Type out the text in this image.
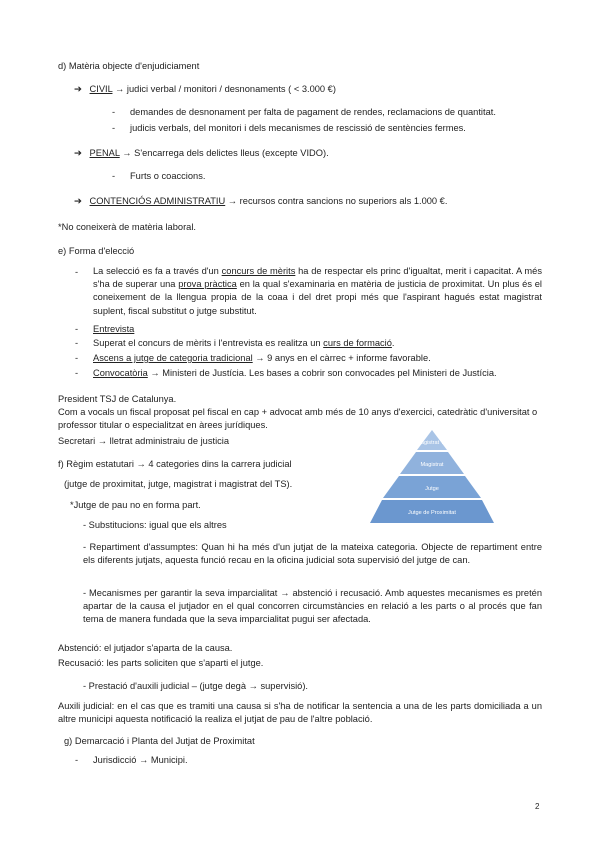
d) Matèria objecte d'enjudiciament
➔ CIVIL → judici verbal / monitori / desnonaments ( < 3.000 €)
- demandes de desnonament per falta de pagament de rendes, reclamacions de quantitat.
- judicis verbals, del monitori i dels mecanismes de rescissió de sentències fermes.
➔ PENAL → S'encarrega dels delictes lleus (excepte VIDO).
- Furts o coaccions.
➔ CONTENCIÓS ADMINISTRATIU → recursos contra sancions no superiors als 1.000 €.
*No coneixerà de matèria laboral.
e) Forma d'elecció
- La selecció es fa a través d'un concurs de mèrits ha de respectar els princ d'igualtat, merit i capacitat. A més s'ha de superar una prova pràctica en la qual s'examinaria en matèria de justicia de proximitat. Un plus és el coneixement de la llengua propia de la coaa i del dret propi més que l'aspirant hagués estat magistrat suplent, fiscal substitut o jutge substitut.
- Entrevista
- Superat el concurs de mèrits i l'entrevista es realitza un curs de formació.
- Ascens a jutge de categoria tradicional → 9 anys en el càrrec + informe favorable.
- Convocatòria → Ministeri de Justícia. Les bases a cobrir son convocades pel Ministeri de Justícia.
President TSJ de Catalunya.
Com a vocals un fiscal proposat pel fiscal en cap + advocat amb més de 10 anys d'exercici, catedràtic d'universitat o professor titular o especialitzat en àrees jurídiques.
Secretari → lletrat administraiu de justicia
f) Règim estatutari → 4 categories dins la carrera judicial
(jutge de proximitat, jutge, magistrat i magistrat del TS).
*Jutge de pau no en forma part.
- Substitucions: igual que els altres
Magistrat TS
Magistrat
Jutge
Jutge de Proximitat
- Repartiment d'assumptes: Quan hi ha més d'un jutjat de la mateixa categoria. Objecte de repartiment entre els diferents jutjats, aquesta funció recau en la oficina judicial sota supervisió del jutge de can.
- Mecanismes per garantir la seva imparcialitat → abstenció i recusació. Amb aquestes mecanismes es pretén apartar de la causa el jutjador en el qual concorren circumstàncies en relació a les parts o al procés que fan tema de manera fundada que la seva imparcialitat pugui ser afectada.
Abstenció: el jutjador s'aparta de la causa.
Recusació: les parts soliciten que s'aparti el jutge.
- Prestació d'auxili judicial – (jutge degà → supervisió).
Auxili judicial: en el cas que es tramiti una causa si s'ha de notificar la sentencia a una de les parts domiciliada a un altre municipi aquesta notificació la realiza el jutjat de pau de l'altre població.
g) Demarcació i Planta del Jutjat de Proximitat
- Jurisdicció → Municipi.
2
